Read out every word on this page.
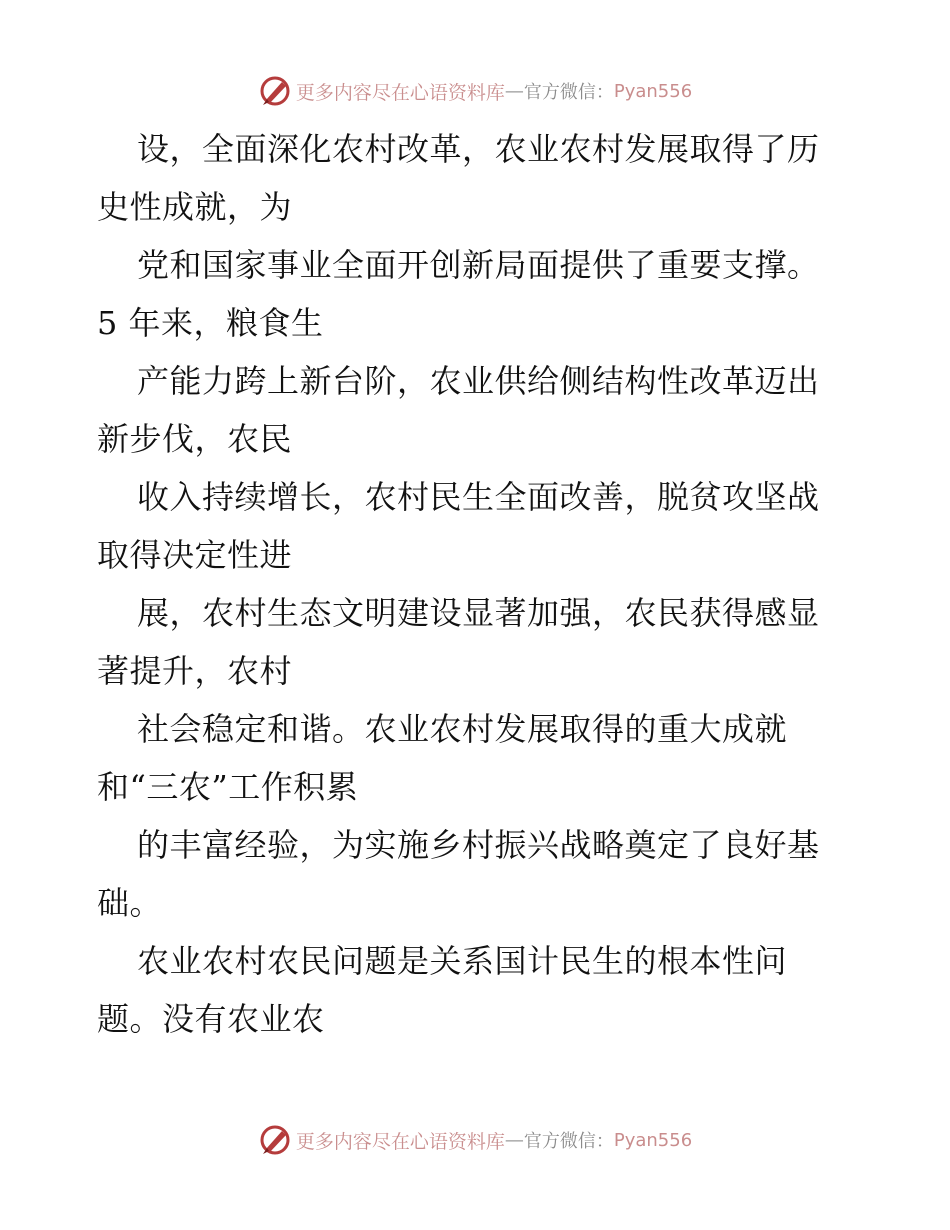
更多内容尽在心语资料库 — 官方微信： Pyan556
设，全面深化农村改革，农业农村发展取得了历
史性成就，为
党和国家事业全面开创新局面提供了重要支撑。
5 年来，粮食生
产能力跨上新台阶，农业供给侧结构性改革迈出
新步伐，农民
收入持续增长，农村民生全面改善，脱贫攻坚战
取得决定性进
展，农村生态文明建设显著加强，农民获得感显
著提升，农村
社会稳定和谐。农业农村发展取得的重大成就
和“三农”工作积累
的丰富经验，为实施乡村振兴战略奠定了良好基
础。
农业农村农民问题是关系国计民生的根本性问
题。没有农业农
更多内容尽在心语资料库 — 官方微信： Pyan556
